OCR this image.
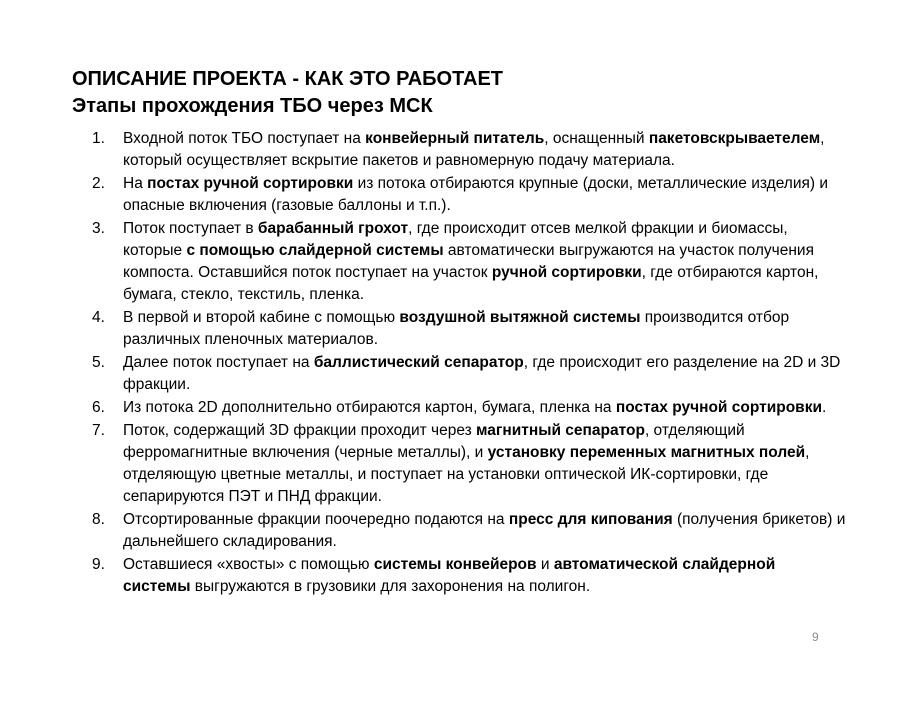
ОПИСАНИЕ ПРОЕКТА - КАК ЭТО РАБОТАЕТ
Этапы прохождения ТБО через МСК
1.	Входной поток ТБО поступает на конвейерный питатель, оснащенный пакетовскрываетелем, который осуществляет вскрытие пакетов и равномерную подачу материала.
2.	На постах ручной сортировки из потока отбираются крупные (доски, металлические изделия) и опасные включения (газовые баллоны и т.п.).
3.	Поток поступает в барабанный грохот, где происходит отсев мелкой фракции и биомассы, которые с помощью слайдерной системы автоматически выгружаются на участок получения компоста. Оставшийся поток поступает на участок ручной сортировки, где отбираются картон, бумага, стекло, текстиль, пленка.
4.	В первой и второй кабине с помощью воздушной вытяжной системы производится отбор различных пленочных материалов.
5.	Далее поток поступает на баллистический сепаратор, где происходит его разделение на 2D и 3D фракции.
6.	Из потока 2D дополнительно отбираются картон, бумага, пленка на постах ручной сортировки.
7.	Поток, содержащий 3D фракции проходит через магнитный сепаратор, отделяющий ферромагнитные включения (черные металлы), и установку переменных магнитных полей, отделяющую цветные металлы, и поступает на установки оптической ИК-сортировки, где сепарируются ПЭТ и ПНД фракции.
8.	Отсортированные фракции поочередно подаются на пресс для кипования (получения брикетов) и дальнейшего складирования.
9.	Оставшиеся «хвосты» с помощью системы конвейеров и автоматической слайдерной системы выгружаются в грузовики для захоронения на полигон.
9
